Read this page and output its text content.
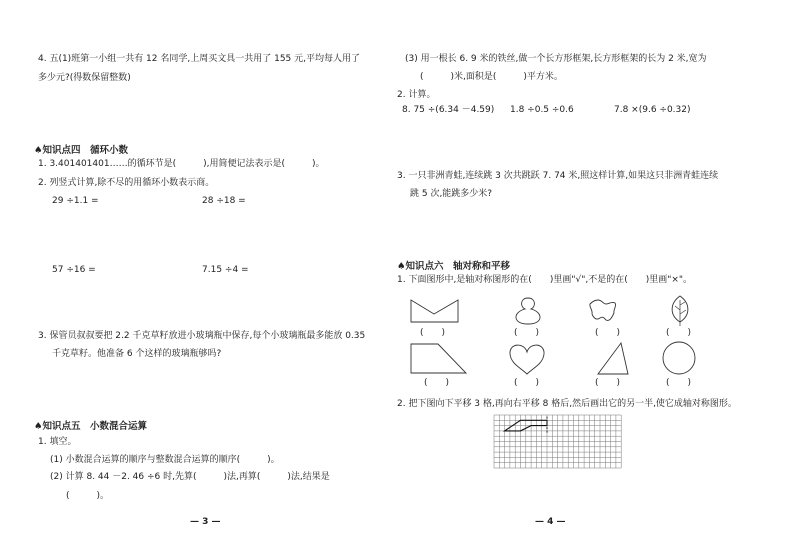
4. 五(1)班第一小组一共有 12 名同学,上周买文具一共用了 155 元,平均每人用了
多少元?(得数保留整数)
♠知识点四　循环小数
1. 3.401401401……的循环节是(　　　),用简便记法表示是(　　　)。
2. 列竖式计算,除不尽的用循环小数表示商。
29 ÷1.1 =	28 ÷18 =
57 ÷16 =	7.15 ÷4 =
3. 保管员叔叔要把 2.2 千克草籽放进小玻璃瓶中保存,每个小玻璃瓶最多能放 0.35
千克草籽。他准备 6 个这样的玻璃瓶够吗?
♠知识点五　小数混合运算
1. 填空。
(1) 小数混合运算的顺序与整数混合运算的顺序(　　　)。
(2) 计算 8. 44 －2. 46 ÷6 时,先算(　　　)法,再算(　　　)法,结果是
(　　　)。
— 3 —
(3) 用一根长 6. 9 米的铁丝,做一个长方形框架,长方形框架的长为 2 米,宽为
(　　　)米,面积是(　　　)平方米。
2. 计算。
8. 75 ÷(6.34 －4.59) 1.8 ÷0.5 ÷0.6	7.8 ×(9.6 ÷0.32)
3. 一只非洲青蛙,连续跳 3 次共跳跃 7. 74 米,照这样计算,如果这只非洲青蛙连续
跳 5 次,能跳多少米?
♠知识点六　轴对称和平移
1. 下面图形中,是轴对称图形的在(　　)里画"√",不是的在(　　)里画"×"。
(　　)	(　　)	(　　)	(　　)
(　　)	(　　)	(　　)	(　　)
2. 把下图向下平移 3 格,再向右平移 8 格后,然后画出它的另一半,使它成轴对称图形。
— 4 —
